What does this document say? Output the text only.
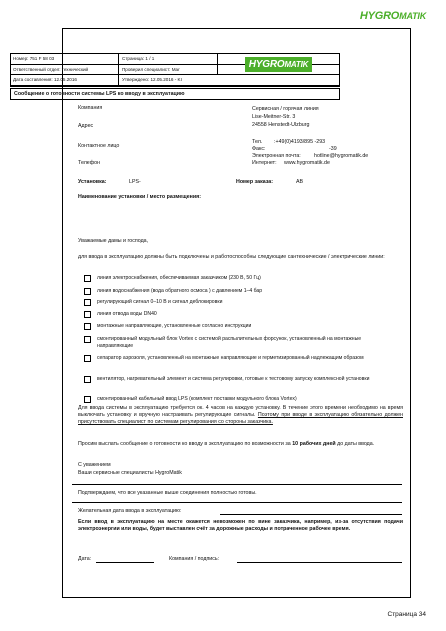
HYGROMATIK
Номер: 751 F 58 03	Страница: 1 / 1
Ответственный отдел: технический	Проверил специалист: Mar
Дата составления: 12.05.2016	Утверждено: 12.05.2016 - KI
HYGROMATIK
Сообщение о готовности системы LPS ко вводу в эксплуатацию
Компания
Адрес
Контактное лицо
Телефон
Сервисная / горячая линия
Lise-Meitner-Str. 3
24558 Henstedt-Ulzburg
Тел. :+49(0)4193/895 -293
Факс:	-39
Электронная почта:	hotline@hygromatik.de
Интернет: www.hygromatik.de
Установка:	LPS-	Номер заказа:	AB
Наименование установки / место размещения:
Уважаемые дамы и господа,
для ввода в эксплуатацию должны быть подключены и работоспособны следующие сантехнические / электрические линии:
линия электроснабжения, обеспечиваемая заказчиком (230 В, 50 Гц)
линия водоснабжения (вода обратного осмоса ) с давлением 1–4 бар
регулирующий сигнал 0–10 В и сигнал деблокировки
линия отвода воды DN40
монтажные направляющие, установленные согласно инструкции
смонтированный модульный блок Vortex с системой распылительных форсунок, установленный на монтажные направляющие
сепаратор аэрозоля, установленный на монтажные направляющие и герметизированный надлежащим образом
вентилятор, нагревательный элемент и система регулировки, готовые к тестовому запуску комплексной установки
смонтированный кабельный ввод LPS (комплект поставки модульного блока Vortex)
Для ввода системы в эксплуатацию требуется ок. 4 часов на каждую установку. В течение этого времени необходимо на время выключать установку и вручную настраивать регулирующие сигналы. Поэтому при вводе в эксплуатацию обязательно должен присутствовать специалист по системам регулирования со стороны заказчика.
Просим выслать сообщение о готовности ко вводу в эксплуатацию по возможности за 10 рабочих дней до даты ввода.
С уважением
Ваши сервисные специалисты HygroMatik
Подтверждаем, что все указанные выше соединения полностью готовы.
Желательная дата ввода в эксплуатацию:
Если ввод в эксплуатацию на месте окажется невозможен по вине заказчика, например, из-за отсутствия подачи электроэнергии или воды, будет выставлен счёт за дорожные расходы и потраченное рабочее время.
Дата:	Компания / подпись:
Страница 34
